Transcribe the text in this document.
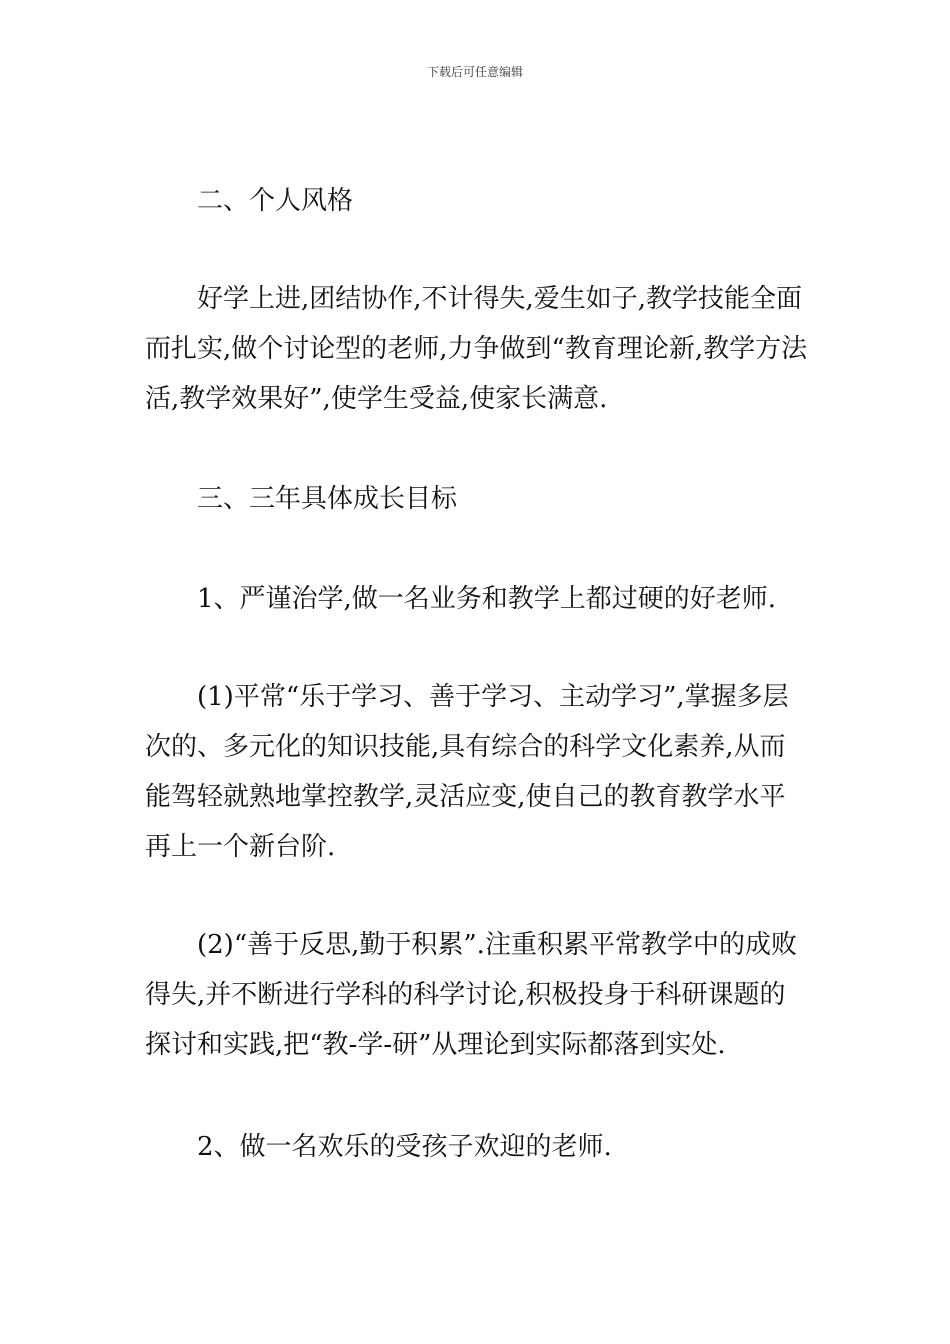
下载后可任意编辑

二、个人风格

好学上进,团结协作,不计得失,爱生如子,教学技能全面而扎实,做个讨论型的老师,力争做到“教育理论新,教学方法活,教学效果好”,使学生受益,使家长满意.

三、三年具体成长目标

1、严谨治学,做一名业务和教学上都过硬的好老师.

(1)平常“乐于学习、善于学习、主动学习”,掌握多层次的、多元化的知识技能,具有综合的科学文化素养,从而能驾轻就熟地掌控教学,灵活应变,使自己的教育教学水平再上一个新台阶.

(2)“善于反思,勤于积累”.注重积累平常教学中的成败得失,并不断进行学科的科学讨论,积极投身于科研课题的探讨和实践,把“教-学-研”从理论到实际都落到实处.

2、做一名欢乐的受孩子欢迎的老师.
